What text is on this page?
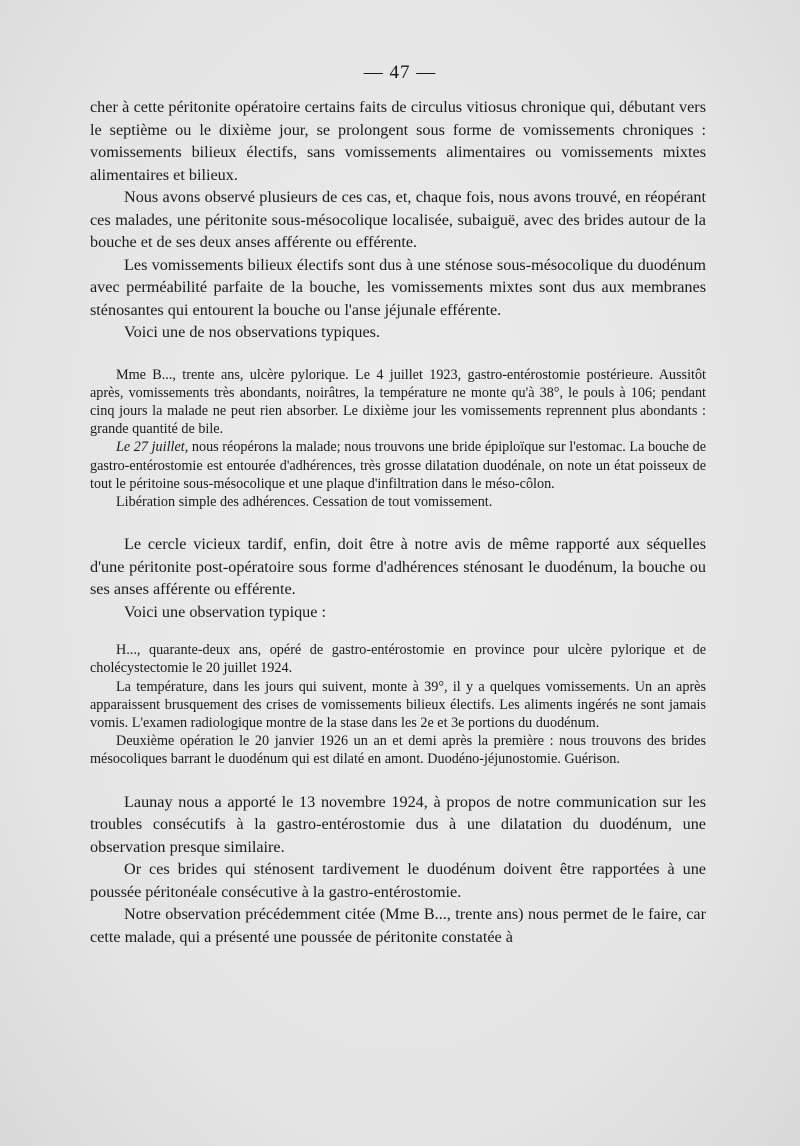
— 47 —

cher à cette péritonite opératoire certains faits de circulus vitiosus chronique qui, débutant vers le septième ou le dixième jour, se prolongent sous forme de vomissements chroniques : vomissements bilieux électifs, sans vomissements alimentaires ou vomissements mixtes alimentaires et bilieux.

Nous avons observé plusieurs de ces cas, et, chaque fois, nous avons trouvé, en réopérant ces malades, une péritonite sous-mésocolique localisée, subaiguë, avec des brides autour de la bouche et de ses deux anses afférente ou efférente.

Les vomissements bilieux électifs sont dus à une sténose sous-mésocolique du duodénum avec perméabilité parfaite de la bouche, les vomissements mixtes sont dus aux membranes sténosantes qui entourent la bouche ou l'anse jéjunale efférente.

Voici une de nos observations typiques.

Mme B..., trente ans, ulcère pylorique. Le 4 juillet 1923, gastro-entérostomie postérieure. Aussitôt après, vomissements très abondants, noirâtres, la température ne monte qu'à 38°, le pouls à 106; pendant cinq jours la malade ne peut rien absorber. Le dixième jour les vomissements reprennent plus abondants : grande quantité de bile.

Le 27 juillet, nous réopérons la malade; nous trouvons une bride épiploïque sur l'estomac. La bouche de gastro-entérostomie est entourée d'adhérences, très grosse dilatation duodénale, on note un état poisseux de tout le péritoine sous-mésocolique et une plaque d'infiltration dans le méso-côlon.

Libération simple des adhérences. Cessation de tout vomissement.

Le cercle vicieux tardif, enfin, doit être à notre avis de même rapporté aux séquelles d'une péritonite post-opératoire sous forme d'adhérences sténosant le duodénum, la bouche ou ses anses afférente ou efférente.

Voici une observation typique :

H..., quarante-deux ans, opéré de gastro-entérostomie en province pour ulcère pylorique et de cholécystectomie le 20 juillet 1924.

La température, dans les jours qui suivent, monte à 39°, il y a quelques vomissements. Un an après apparaissent brusquement des crises de vomissements bilieux électifs. Les aliments ingérés ne sont jamais vomis. L'examen radiologique montre de la stase dans les 2e et 3e portions du duodénum.

Deuxième opération le 20 janvier 1926 un an et demi après la première : nous trouvons des brides mésocoliques barrant le duodénum qui est dilaté en amont. Duodéno-jéjunostomie. Guérison.

Launay nous a apporté le 13 novembre 1924, à propos de notre communication sur les troubles consécutifs à la gastro-entérostomie dus à une dilatation du duodénum, une observation presque similaire.

Or ces brides qui sténosent tardivement le duodénum doivent être rapportées à une poussée péritonéale consécutive à la gastro-entérostomie.

Notre observation précédemment citée (Mme B..., trente ans) nous permet de le faire, car cette malade, qui a présenté une poussée de péritonite constatée à
